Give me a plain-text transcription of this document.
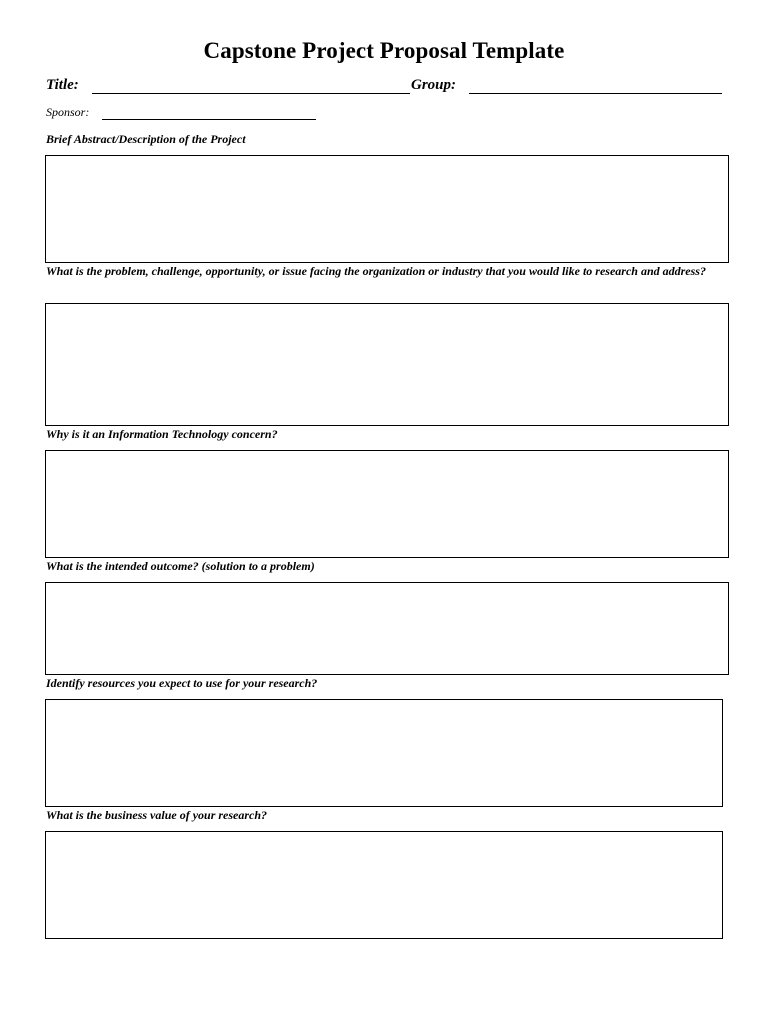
Capstone Project Proposal Template
Title:	Group:
Sponsor:
Brief Abstract/Description of the Project
What is the problem, challenge, opportunity, or issue facing the organization or industry that you would like to research and address?
Why is it an Information Technology concern?
What is the intended outcome? (solution to a problem)
Identify resources you expect to use for your research?
What is the business value of your research?
